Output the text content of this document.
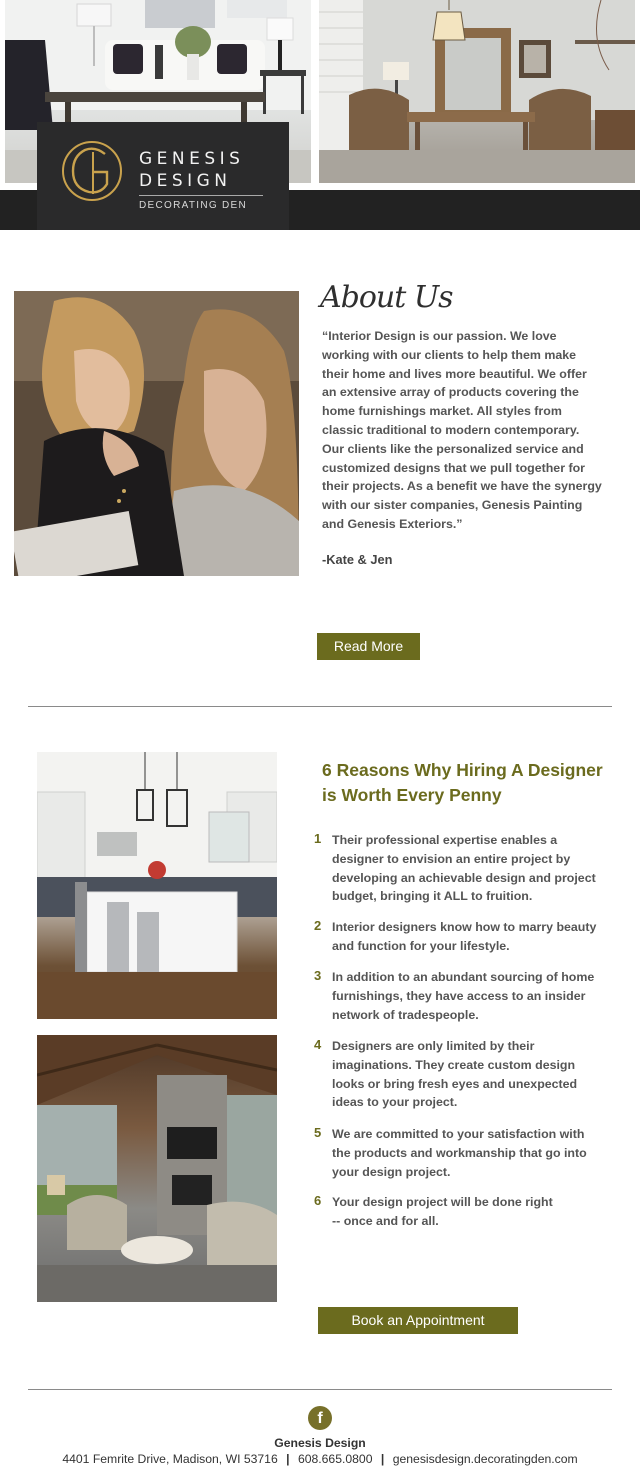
GENESIS
DESIGN
DECORATING DEN
About Us
“Interior Design is our passion. We love working with our clients to help them make their home and lives more beautiful. We offer an extensive array of products covering the home furnishings market. All styles from classic traditional to modern contemporary. Our clients like the personalized service and customized designs that we pull together for their projects. As a benefit we have the synergy with our sister companies, Genesis Painting and Genesis Exteriors.”
-Kate & Jen
Read More
6 Reasons Why Hiring A Designer is Worth Every Penny
1 Their professional expertise enables a designer to envision an entire project by developing an achievable design and project budget, bringing it ALL to fruition.
2 Interior designers know how to marry beauty and function for your lifestyle.
3 In addition to an abundant sourcing of home furnishings, they have access to an insider network of tradespeople.
4 Designers are only limited by their imaginations. They create custom design looks or bring fresh eyes and unexpected ideas to your project.
5 We are committed to your satisfaction with the products and workmanship that go into your design project.
6 Your design project will be done right
-- once and for all.
Book an Appointment
f
Genesis Design
4401 Femrite Drive, Madison, WI 53716 | 608.665.0800 | genesisdesign.decoratingden.com
